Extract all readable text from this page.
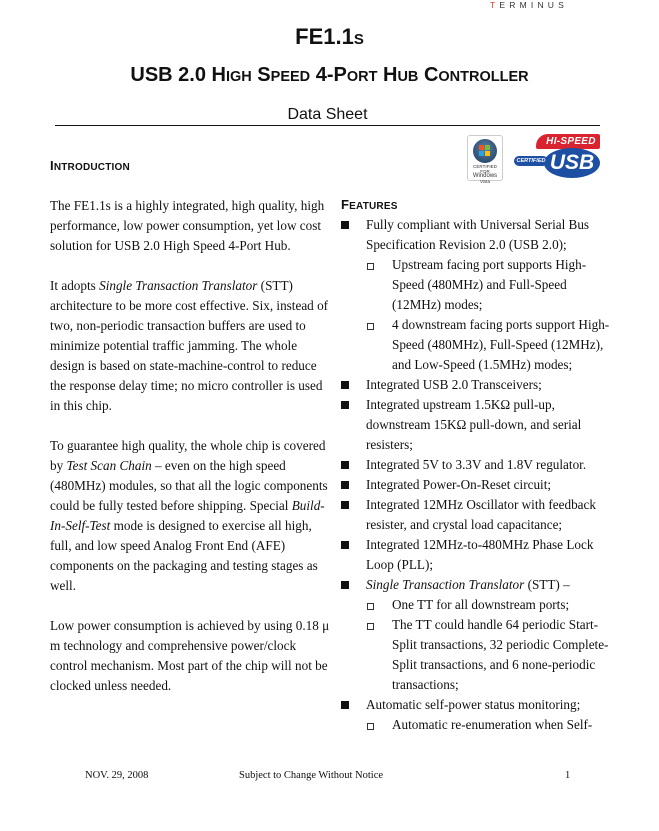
TERMINUS
FE1.1S
USB 2.0 HIGH SPEED 4-PORT HUB CONTROLLER
Data Sheet
CERTIFIED FOR
Windows
Vista
HI-SPEED
CERTIFIED USB
INTRODUCTION
FEATURES

The FE1.1s is a highly integrated, high quality, high performance, low power consumption, yet low cost solution for USB 2.0 High Speed 4-Port Hub.

It adopts Single Transaction Translator (STT) architecture to be more cost effective. Six, instead of two, non-periodic transaction buffers are used to minimize potential traffic jamming. The whole design is based on state-machine-control to reduce the response delay time; no micro controller is used in this chip.

To guarantee high quality, the whole chip is covered by Test Scan Chain – even on the high speed (480MHz) modules, so that all the logic components could be fully tested before shipping. Special Build-In-Self-Test mode is designed to exercise all high, full, and low speed Analog Front End (AFE) components on the packaging and testing stages as well.

Low power consumption is achieved by using 0.18 μ m technology and comprehensive power/clock control mechanism. Most part of the chip will not be clocked unless needed.

Fully compliant with Universal Serial Bus Specification Revision 2.0 (USB 2.0);
Upstream facing port supports High-Speed (480MHz) and Full-Speed (12MHz) modes;
4 downstream facing ports support High-Speed (480MHz), Full-Speed (12MHz), and Low-Speed (1.5MHz) modes;
Integrated USB 2.0 Transceivers;
Integrated upstream 1.5KΩ pull-up, downstream 15KΩ pull-down, and serial resisters;
Integrated 5V to 3.3V and 1.8V regulator.
Integrated Power-On-Reset circuit;
Integrated 12MHz Oscillator with feedback resister, and crystal load capacitance;
Integrated 12MHz-to-480MHz Phase Lock Loop (PLL);
Single Transaction Translator (STT) –
One TT for all downstream ports;
The TT could handle 64 periodic Start-Split transactions, 32 periodic Complete-Split transactions, and 6 none-periodic transactions;
Automatic self-power status monitoring;
Automatic re-enumeration when Self-
NOV. 29, 2008	Subject to Change Without Notice	1
